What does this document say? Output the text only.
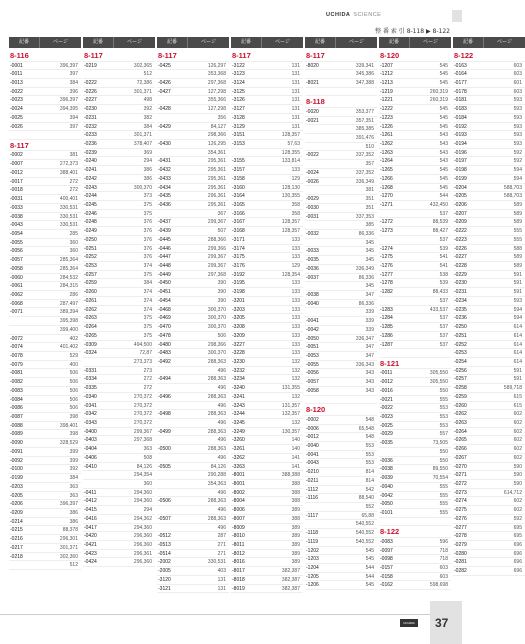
UCHIDA SCIENCE
整 番 索 引 8-118 ▶ 8-122
記番	ページ
8-116
-0001	396,397
-0011	397
-0013	384
-0022	396
-0023	396,397
-0024	394,395
-0025	394
-0026	397
8-117
-0002	381
-0007	272,373
-0012	388,401
-0017	272
-0018	272
-0031	400,401
-0033	330,531
-0038	330,531
-0043	330,531
-0054	285
-0055	360
-0056	360
-0057	285,364
-0058	285,364
-0060	284,532
-0061	284,315
-0062	286
-0068	287,497
-0071	389,394
395,398
399,400
-0072	402
-0074	401,402
-0078	529
-0079	400
-0081	506
-0082	506
-0083	506
-0084	506
-0086	506
-0087	398
-0088	398,401
-0089	398
-0090	328,529
-0091	399
-0092	399
-0100	392
-0199	384
-0203	363
-0205	363
-0206	396,397
-0209	386
-0214	386
-0215	88,378
-0216	296,301
-0217	301,371
-0218	302,360
512
記番	ページ
8-117
-0219	302,365
512
-0222	72,386
-0226	301,371
-0227	498
-0230	392
-0231	382
-0232	384
-0233	301,371
-0236	378,407
-0239	369
-0240	294
-0241	386
-0242	386
-0243	300,370
-0244	373
-0245	375
-0246	375
-0248	376
-0249	376
-0250	376
-0251	376
-0252	376
-0253	374
-0257	375
-0259	384
-0260	374
-0261	374
-0262	374
-0263	375
-0264	375
-0265	375
-0309	494,500
-0324	72,87
273,373
-0331	273
-0334	272
-0335	272
-0340	270,372
-0341	270,372
-0342	270,372
-0343	270,372
-0400	299,367
-0403	297,368
-0404	363
-0406	508
-0410	84,126
294,354
360
-0411	294,360
-0412	294,360
-0415	294
-0416	294,362
-0417	294,360
-0420	296,360
-0421	296,360
-0423	296,361
-0424	296,360
記番	ページ
8-117
-0425	126,297
353,368
-0426	297,368
-0427	127,298
355,366
-0428	127,298
356
-0429	84,127
298,366
-0430	126,295
354,361
-0431	295,361
-0432	295,361
-0433	295,361
-0434	295,361
-0435	296,361
-0436	295,361
367
-0437	299,367
-0439	507
-0445	288,366
-0446	299,366
-0447	299,367
-0448	299,367
-0449	297,368
-0450	390
-0451	390
-0454	390
-0468	300,370
-0469	300,370
-0470	300,370
-0478	506
-0480	298,366
-0483	300,370
-0492	288,363
496
-0494	288,363
496
-0496	288,363
496
-0498	288,363
496
-0499	288,363
496
-0500	288,363
496
-0505	84,126
290,288
354,363
496
-0506	288,363
496
-0507	288,363
496
-0512	287
-0513	271
-0514	271
-2002	330,531
-2005	403
-3120	131
-3121	131
記番	ページ
8-117
-3122	131
-3123	131
-3124	131
-3125	131
-3126	131
-3127	131
-3128	131
-3129	131
-3151	128,357
-3153	57,63
128,355
-3155	133,814
-3157	133
-3158	129
-3160	128,130
-3164	130,355
-3165	358
-3166	358
-3167	128,357
-3168	128,357
-3171	133
-3174	133
-3175	133
-3176	129
-3192	128,354
-3195	133
-3198	133
-3201	133
-3203	133
-3205	133
-3208	133
-3209	133
-3227	133
-3228	133
-3230	132
-3232	132
-3234	132
-3240	131,355
-3241	132
-3243	131,357
-3244	132,357
-3245	132
-3249	130,357
-3260	140
-3261	140
-3262	141
-3263	141
-8001	388,388
-8001	388
-8002	388
-8004	388
-8006	389
-8007	388
-8009	389
-8010	389
-8011	389
-8012	389
-8016	389
-8017	382,387
-8018	382,387
-8019	382,387
記番	ページ
8-117
-8020	339,341
345,386
-8021	347,388
8-118
-0020	353,377
-0021	357,351
385,385
391,476
510
-0022	337,352
357
-0024	337,352
-0026	336,349
381
-0029	351
-0030	351
-0031	337,353
385
-0032	86,336
345
-0033	345
-0035	345
-0036	336,349
-0037	86,336
345
-0038	347
-0040	86,336
339
-0041	339
-0042	339
-0050	336,347
-0051	347
-0053	347
-0055	336,343
-0056	343
-0057	343
-0058	343
8-120
-0002	548
-0006	65,548
-0012	548
-0040	553
-0041	553
-0043	553
-0210	814
-0211	814
-1112	542
-1116	88,540
552
-1117	65,88
540,552
-1118	540,552
-1119	540,552
-1202	545
-1203	545
-1204	544
-1205	544
-1206	545
記番	ページ
8-120
-1207	545
-1212	545
-1213	545
-1219	260,319
-1221	260,319
-1222	545
-1223	545
-1226	545
-1261	543
-1262	543
-1263	543
-1264	543
-1265	545
-1266	545
-1268	545
-1270	544
-1271	432,450
537
-1272	88,539
-1273	88,427
537
-1274	539
-1275	541
-1276	541
-1277	538
-1278	539
-1282	88,433
537
-1283	433,537
-1284	537
-1285	537
-1286	537
-1287	537
8-121
-0011	305,550
-0012	305,550
-0016	550
-0021	555
-0022	553
-0023	553
-0025	553
-0029	557
-0035	73,505
550
-0036	550
-0038	89,550
-0039	70,554
-0040	555
-0042	555
-0050	555
-0101	555
8-122
-0083	596
-0097	718
-0098	718
-0157	603
-0158	603
-0162	598,698
記番	ページ
8-122
-0163	603
-0164	603
-0177	601
-0178	603
-0181	593
-0183	593
-0184	593
-0192	593
-0193	593
-0194	593
-0196	592
-0197	592
-0198	594
-0199	594
-0204	588,703
-0205	588,703
-0206	589
-0207	589
-0209	589
-0222	555
-0223	555
-0226	588
-0227	589
-0228	589
-0229	591
-0230	591
-0231	591
-0234	593
-0235	594
-0236	594
-0250	614
-0251	614
-0252	614
-0253	614
-0254	614
-0256	591
-0257	591
-0258	589,718
-0259	615
-0260	615
-0262	602
-0263	602
-0264	602
-0265	602
-0266	602
-0267	602
-0270	590
-0271	590
-0272	590
-0273	614,712
-0274	602
-0275	602
-0276	592
-0277	695
-0278	695
-0279	696
-0280	696
-0281	696
-0282	696
UCHIDA 37
